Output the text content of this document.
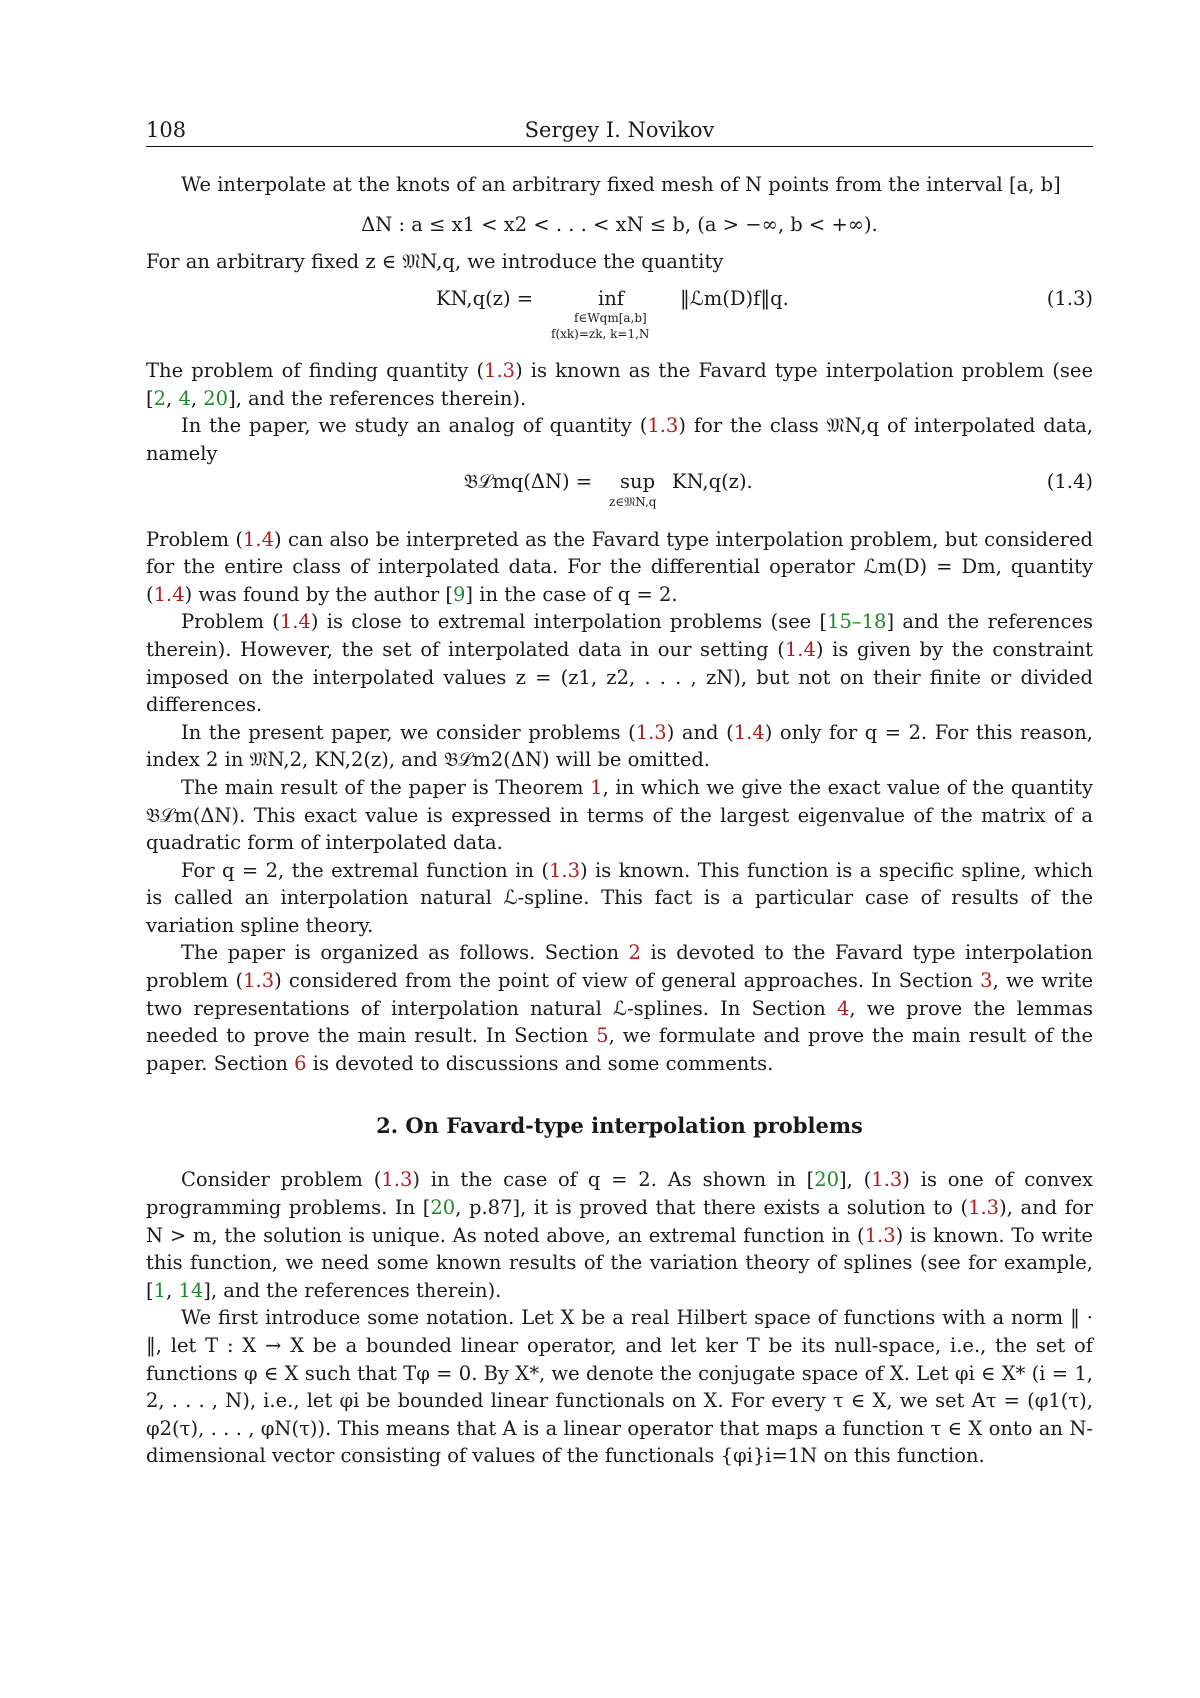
108	Sergey I. Novikov

We interpolate at the knots of an arbitrary fixed mesh of N points from the interval [a, b]

ΔN : a ≤ x1 < x2 < . . . < xN ≤ b, (a > −∞, b < +∞).

For an arbitrary fixed z ∈ 𝔐N,q, we introduce the quantity

KN,q(z) =	inf
f∈Wqm[a,b]
f(xk)=zk, k=1,N
‖ℒm(D)f‖q.	(1.3)

The problem of finding quantity (1.3) is known as the Favard type interpolation problem (see [2, 4, 20], and the references therein).

In the paper, we study an analog of quantity (1.3) for the class 𝔐N,q of interpolated data, namely

𝔅ℒmq(ΔN) = sup
z∈𝔐N,q
KN,q(z).	(1.4)

Problem (1.4) can also be interpreted as the Favard type interpolation problem, but considered for the entire class of interpolated data. For the differential operator ℒm(D) = Dm, quantity (1.4) was found by the author [9] in the case of q = 2.

Problem (1.4) is close to extremal interpolation problems (see [15–18] and the references therein). However, the set of interpolated data in our setting (1.4) is given by the constraint imposed on the interpolated values z = (z1, z2, . . . , zN), but not on their finite or divided differences.

In the present paper, we consider problems (1.3) and (1.4) only for q = 2. For this reason, index 2 in 𝔐N,2, KN,2(z), and 𝔅ℒm2(ΔN) will be omitted.

The main result of the paper is Theorem 1, in which we give the exact value of the quantity 𝔅ℒm(ΔN). This exact value is expressed in terms of the largest eigenvalue of the matrix of a quadratic form of interpolated data.

For q = 2, the extremal function in (1.3) is known. This function is a specific spline, which is called an interpolation natural ℒ-spline. This fact is a particular case of results of the variation spline theory.

The paper is organized as follows. Section 2 is devoted to the Favard type interpolation problem (1.3) considered from the point of view of general approaches. In Section 3, we write two representations of interpolation natural ℒ-splines. In Section 4, we prove the lemmas needed to prove the main result. In Section 5, we formulate and prove the main result of the paper. Section 6 is devoted to discussions and some comments.

2. On Favard-type interpolation problems

Consider problem (1.3) in the case of q = 2. As shown in [20], (1.3) is one of convex programming problems. In [20, p.87], it is proved that there exists a solution to (1.3), and for N > m, the solution is unique. As noted above, an extremal function in (1.3) is known. To write this function, we need some known results of the variation theory of splines (see for example, [1, 14], and the references therein).

We first introduce some notation. Let X be a real Hilbert space of functions with a norm ‖ · ‖, let T : X → X be a bounded linear operator, and let ker T be its null-space, i.e., the set of functions φ ∈ X such that Tφ = 0. By X*, we denote the conjugate space of X. Let φi ∈ X* (i = 1, 2, . . . , N), i.e., let φi be bounded linear functionals on X. For every τ ∈ X, we set Aτ = (φ1(τ), φ2(τ), . . . , φN(τ)). This means that A is a linear operator that maps a function τ ∈ X onto an N-dimensional vector consisting of values of the functionals {φi}i=1N on this function.
